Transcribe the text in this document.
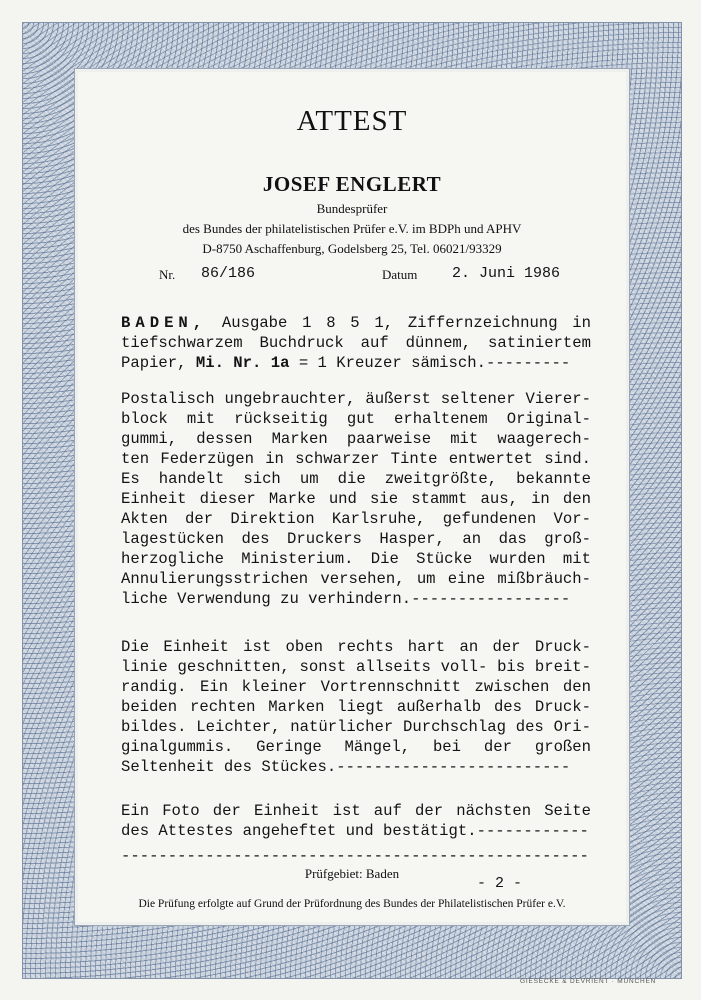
ATTEST
JOSEF ENGLERT
Bundesprüfer
des Bundes der philatelistischen Prüfer e.V. im BDPh und APHV
D-8750 Aschaffenburg, Godelsberg 25, Tel. 06021/93329
Nr. 86/186	Datum 2. Juni 1986
BADEN, Ausgabe 1 8 5 1, Ziffernzeichnung in
tiefschwarzem Buchdruck auf dünnem, satiniertem
Papier, Mi. Nr. 1a = 1 Kreuzer sämisch.---------
Postalisch ungebrauchter, äußerst seltener Vierer-
block mit rückseitig gut erhaltenem Original-
gummi, dessen Marken paarweise mit waagerech-
ten Federzügen in schwarzer Tinte entwertet sind.
Es handelt sich um die zweitgrößte, bekannte
Einheit dieser Marke und sie stammt aus, in den
Akten der Direktion Karlsruhe, gefundenen Vor-
lagestücken des Druckers Hasper, an das groß-
herzogliche Ministerium. Die Stücke wurden mit
Annulierungsstrichen versehen, um eine mißbräuch-
liche Verwendung zu verhindern.-----------------
Die Einheit ist oben rechts hart an der Druck-
linie geschnitten, sonst allseits voll- bis breit-
randig. Ein kleiner Vortrennschnitt zwischen den
beiden rechten Marken liegt außerhalb des Druck-
bildes. Leichter, natürlicher Durchschlag des Ori-
ginalgummis. Geringe Mängel, bei der großen
Seltenheit des Stückes.-------------------------
Ein Foto der Einheit ist auf der nächsten Seite
des Attestes angeheftet und bestätigt.------------
--------------------------------------------------
Prüfgebiet: Baden
- 2 -
Die Prüfung erfolgte auf Grund der Prüfordnung des Bundes der Philatelistischen Prüfer e.V.
GIESECKE & DEVRIENT · MÜNCHEN
